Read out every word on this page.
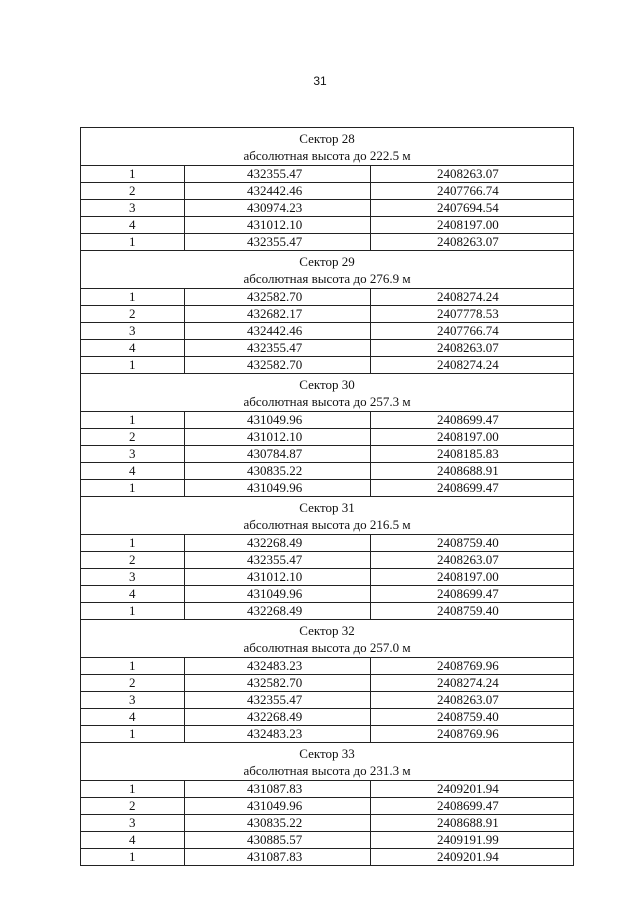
31
Сектор 28
абсолютная высота до 222.5 м		

1	432355.47	2408263.07
2	432442.46	2407766.74
3	430974.23	2407694.54
4	431012.10	2408197.00
1	432355.47	2408263.07

Сектор 29
абсолютная высота до 276.9 м		

1	432582.70	2408274.24
2	432682.17	2407778.53
3	432442.46	2407766.74
4	432355.47	2408263.07
1	432582.70	2408274.24

Сектор 30
абсолютная высота до 257.3 м		

1	431049.96	2408699.47
2	431012.10	2408197.00
3	430784.87	2408185.83
4	430835.22	2408688.91
1	431049.96	2408699.47

Сектор 31
абсолютная высота до 216.5 м		

1	432268.49	2408759.40
2	432355.47	2408263.07
3	431012.10	2408197.00
4	431049.96	2408699.47
1	432268.49	2408759.40

Сектор 32
абсолютная высота до 257.0 м		

1	432483.23	2408769.96
2	432582.70	2408274.24
3	432355.47	2408263.07
4	432268.49	2408759.40
1	432483.23	2408769.96

Сектор 33
абсолютная высота до 231.3 м		

1	431087.83	2409201.94
2	431049.96	2408699.47
3	430835.22	2408688.91
4	430885.57	2409191.99
1	431087.83	2409201.94
